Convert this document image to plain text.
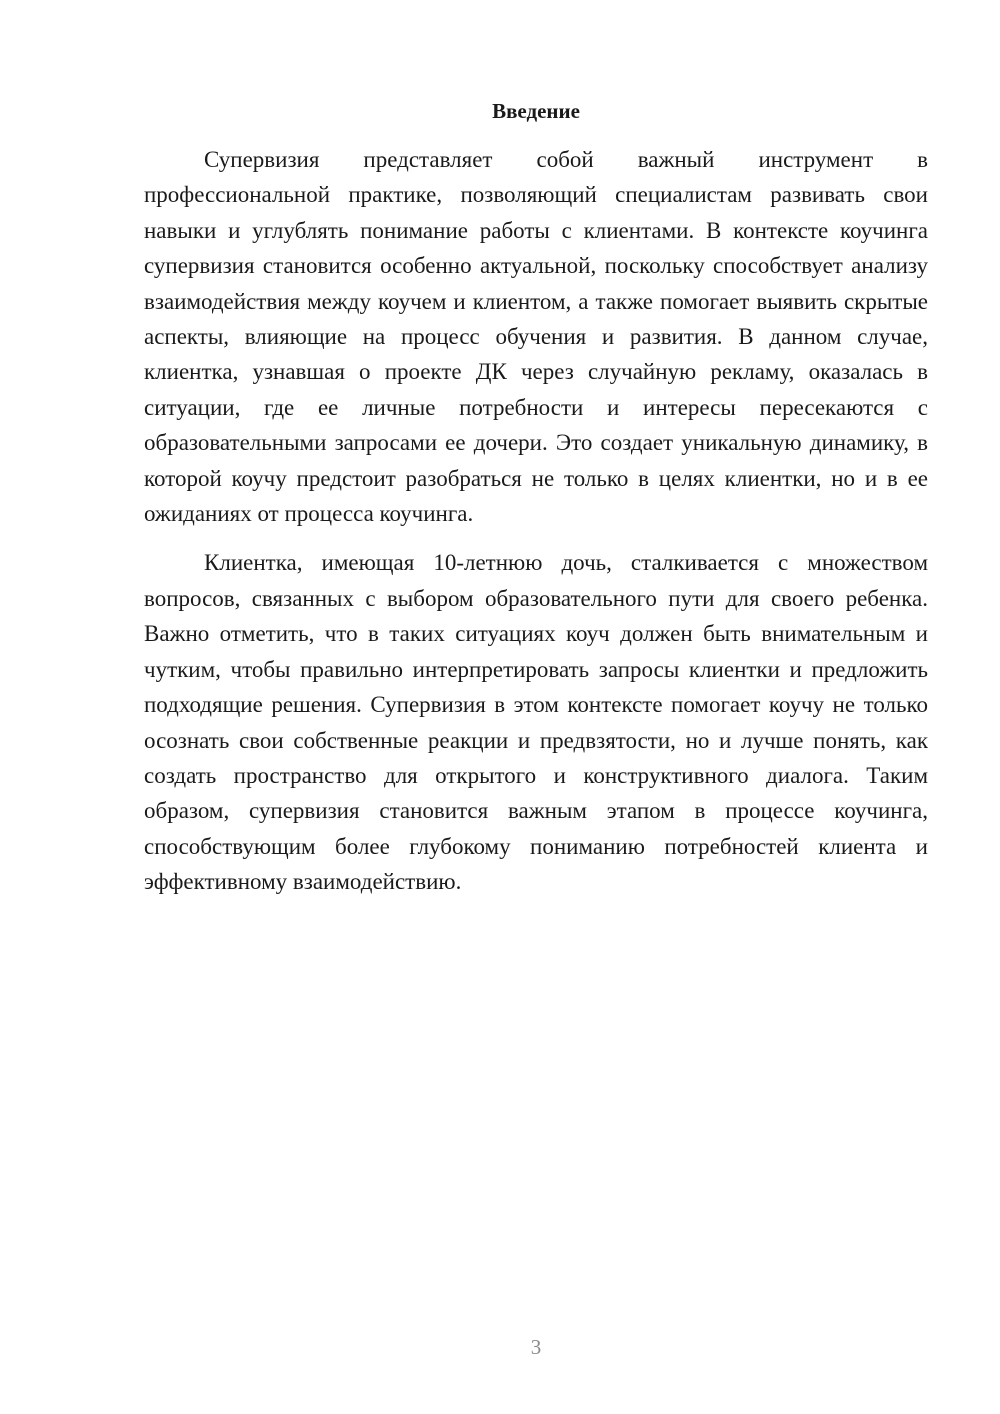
Введение

Супервизия представляет собой важный инструмент в профессиональной практике, позволяющий специалистам развивать свои навыки и углублять понимание работы с клиентами. В контексте коучинга супервизия становится особенно актуальной, поскольку способствует анализу взаимодействия между коучем и клиентом, а также помогает выявить скрытые аспекты, влияющие на процесс обучения и развития. В данном случае, клиентка, узнавшая о проекте ДК через случайную рекламу, оказалась в ситуации, где ее личные потребности и интересы пересекаются с образовательными запросами ее дочери. Это создает уникальную динамику, в которой коучу предстоит разобраться не только в целях клиентки, но и в ее ожиданиях от процесса коучинга.

Клиентка, имеющая 10-летнюю дочь, сталкивается с множеством вопросов, связанных с выбором образовательного пути для своего ребенка. Важно отметить, что в таких ситуациях коуч должен быть внимательным и чутким, чтобы правильно интерпретировать запросы клиентки и предложить подходящие решения. Супервизия в этом контексте помогает коучу не только осознать свои собственные реакции и предвзятости, но и лучше понять, как создать пространство для открытого и конструктивного диалога. Таким образом, супервизия становится важным этапом в процессе коучинга, способствующим более глубокому пониманию потребностей клиента и эффективному взаимодействию.

3
